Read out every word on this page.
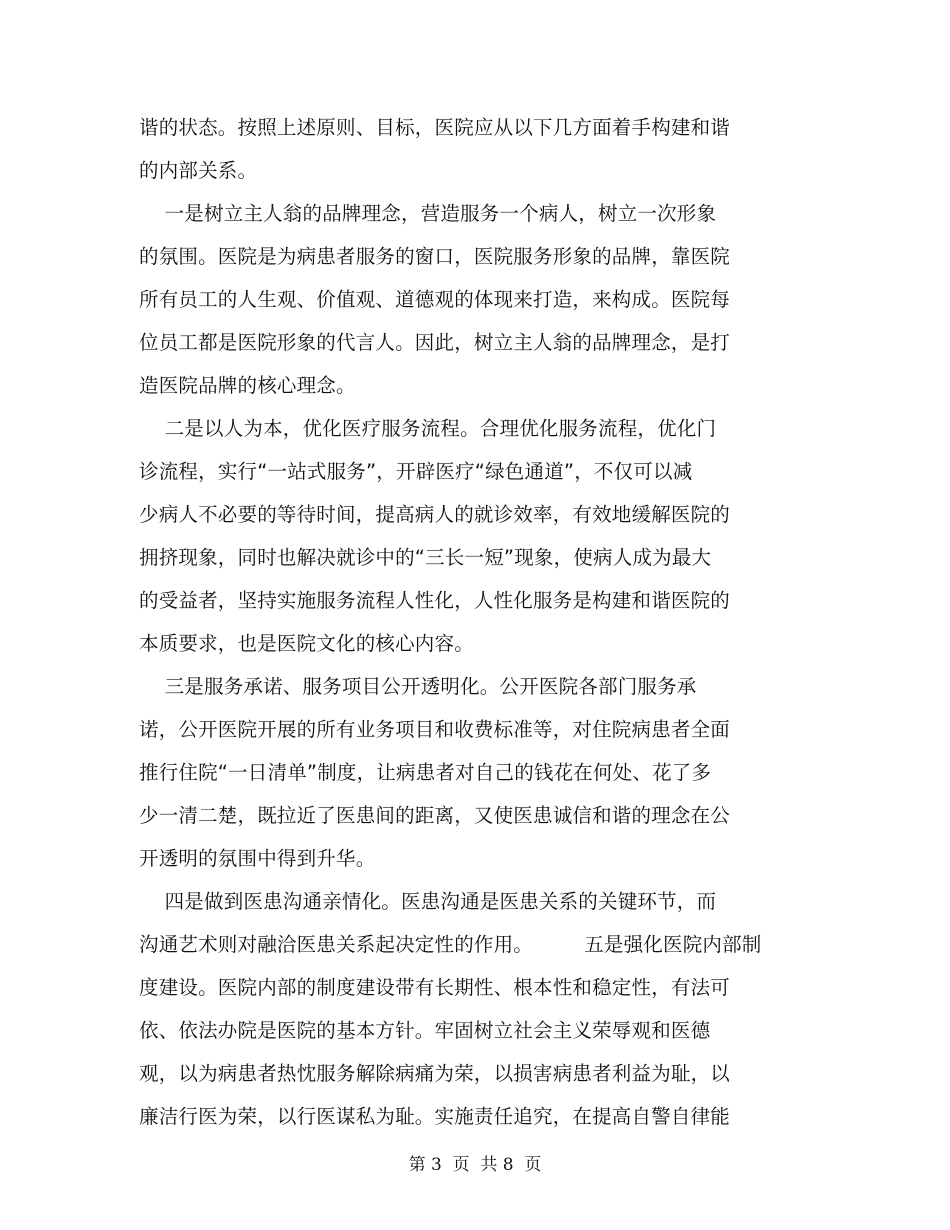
谐的状态。按照上述原则、目标，医院应从以下几方面着手构建和谐
的内部关系。
一是树立主人翁的品牌理念，营造服务一个病人，树立一次形象
的氛围。医院是为病患者服务的窗口，医院服务形象的品牌，靠医院
所有员工的人生观、价值观、道德观的体现来打造，来构成。医院每
位员工都是医院形象的代言人。因此，树立主人翁的品牌理念，是打
造医院品牌的核心理念。
二是以人为本，优化医疗服务流程。合理优化服务流程，优化门
诊流程，实行“一站式服务”，开辟医疗“绿色通道”，不仅可以减
少病人不必要的等待时间，提高病人的就诊效率，有效地缓解医院的
拥挤现象，同时也解决就诊中的“三长一短”现象，使病人成为最大
的受益者，坚持实施服务流程人性化，人性化服务是构建和谐医院的
本质要求，也是医院文化的核心内容。
三是服务承诺、服务项目公开透明化。公开医院各部门服务承
诺，公开医院开展的所有业务项目和收费标准等，对住院病患者全面
推行住院“一日清单”制度，让病患者对自己的钱花在何处、花了多
少一清二楚，既拉近了医患间的距离，又使医患诚信和谐的理念在公
开透明的氛围中得到升华。
四是做到医患沟通亲情化。医患沟通是医患关系的关键环节，而
沟通艺术则对融洽医患关系起决定性的作用。        五是强化医院内部制
度建设。医院内部的制度建设带有长期性、根本性和稳定性，有法可
依、依法办院是医院的基本方针。牢固树立社会主义荣辱观和医德
观，以为病患者热忱服务解除病痛为荣，以损害病患者利益为耻，以
廉洁行医为荣，以行医谋私为耻。实施责任追究，在提高自警自律能
第 3  页  共 8  页
